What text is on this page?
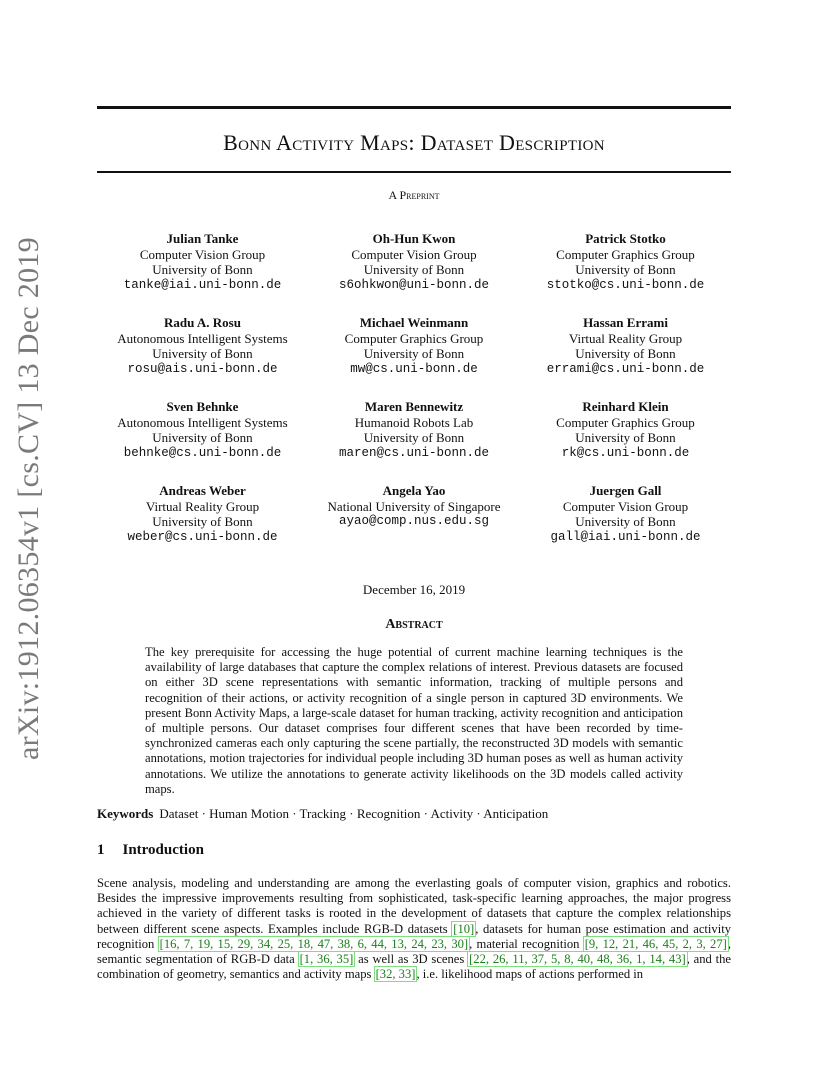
Bonn Activity Maps: Dataset Description
A Preprint
arXiv:1912.06354v1 [cs.CV] 13 Dec 2019	Julian Tanke
Computer Vision Group
University of Bonn
tanke@iai.uni-bonn.de
Oh-Hun Kwon
Computer Vision Group
University of Bonn
s6ohkwon@uni-bonn.de
Patrick Stotko
Computer Graphics Group
University of Bonn
stotko@cs.uni-bonn.de
Radu A. Rosu
Autonomous Intelligent Systems
University of Bonn
rosu@ais.uni-bonn.de
Michael Weinmann
Computer Graphics Group
University of Bonn
mw@cs.uni-bonn.de
Hassan Errami
Virtual Reality Group
University of Bonn
errami@cs.uni-bonn.de
Sven Behnke
Autonomous Intelligent Systems
University of Bonn
behnke@cs.uni-bonn.de
Maren Bennewitz
Humanoid Robots Lab
University of Bonn
maren@cs.uni-bonn.de
Reinhard Klein
Computer Graphics Group
University of Bonn
rk@cs.uni-bonn.de
Andreas Weber
Virtual Reality Group
University of Bonn
weber@cs.uni-bonn.de
Angela Yao
National University of Singapore
ayao@comp.nus.edu.sg
Juergen Gall
Computer Vision Group
University of Bonn
gall@iai.uni-bonn.de
December 16, 2019
Abstract
The key prerequisite for accessing the huge potential of current machine learning techniques is the availability of large databases that capture the complex relations of interest. Previous datasets are focused on either 3D scene representations with semantic information, tracking of multiple persons and recognition of their actions, or activity recognition of a single person in captured 3D environments. We present Bonn Activity Maps, a large-scale dataset for human tracking, activity recognition and anticipation of multiple persons. Our dataset comprises four different scenes that have been recorded by time-synchronized cameras each only capturing the scene partially, the reconstructed 3D models with semantic annotations, motion trajectories for individual people including 3D human poses as well as human activity annotations. We utilize the annotations to generate activity likelihoods on the 3D models called activity maps.
Keywords Dataset · Human Motion · Tracking · Recognition · Activity · Anticipation
1 Introduction
Scene analysis, modeling and understanding are among the everlasting goals of computer vision, graphics and robotics. Besides the impressive improvements resulting from sophisticated, task-specific learning approaches, the major progress achieved in the variety of different tasks is rooted in the development of datasets that capture the complex relationships between different scene aspects. Examples include RGB-D datasets [10], datasets for human pose estimation and activity recognition [16, 7, 19, 15, 29, 34, 25, 18, 47, 38, 6, 44, 13, 24, 23, 30], material recognition [9, 12, 21, 46, 45, 2, 3, 27], semantic segmentation of RGB-D data [1, 36, 35] as well as 3D scenes [22, 26, 11, 37, 5, 8, 40, 48, 36, 1, 14, 43], and the combination of geometry, semantics and activity maps [32, 33], i.e. likelihood maps of actions performed in
